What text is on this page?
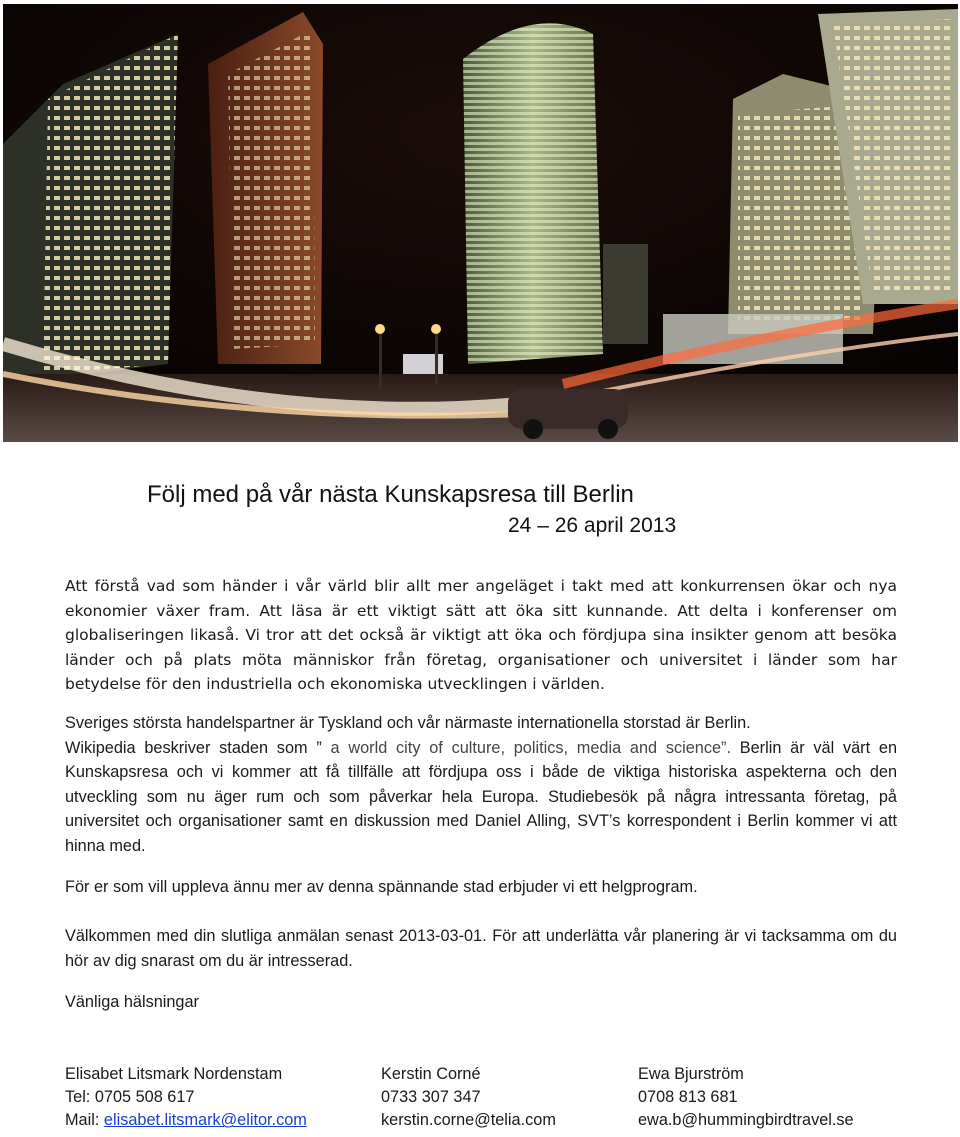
Följ med på vår nästa Kunskapsresa till Berlin
24 – 26 april 2013

Att förstå vad som händer i vår värld blir allt mer angeläget i takt med att konkurrensen ökar och nya ekonomier växer fram. Att läsa är ett viktigt sätt att öka sitt kunnande. Att delta i konferenser om globaliseringen likaså. Vi tror att det också är viktigt att öka och fördjupa sina insikter genom att besöka länder och på plats möta människor från företag, organisationer och universitet i länder som har betydelse för den industriella och ekonomiska utvecklingen i världen.

Sveriges största handelspartner är Tyskland och vår närmaste internationella storstad är Berlin.
Wikipedia beskriver staden som ” a world city of culture, politics, media and science”. Berlin är väl värt en Kunskapsresa och vi kommer att få tillfälle att fördjupa oss i både de viktiga historiska aspekterna och den utveckling som nu äger rum och som påverkar hela Europa. Studiebesök på några intressanta företag, på universitet och organisationer samt en diskussion med Daniel Alling, SVT’s korrespondent i Berlin kommer vi att hinna med.

För er som vill uppleva ännu mer av denna spännande stad erbjuder vi ett helgprogram.

Välkommen med din slutliga anmälan senast 2013-03-01. För att underlätta vår planering är vi tacksamma om du hör av dig snarast om du är intresserad.

Vänliga hälsningar

Elisabet Litsmark Nordenstam
Tel: 0705 508 617
Mail: elisabet.litsmark@elitor.com
Kerstin Corné
0733 307 347
kerstin.corne@telia.com
Ewa Bjurström
0708 813 681
ewa.b@hummingbirdtravel.se
